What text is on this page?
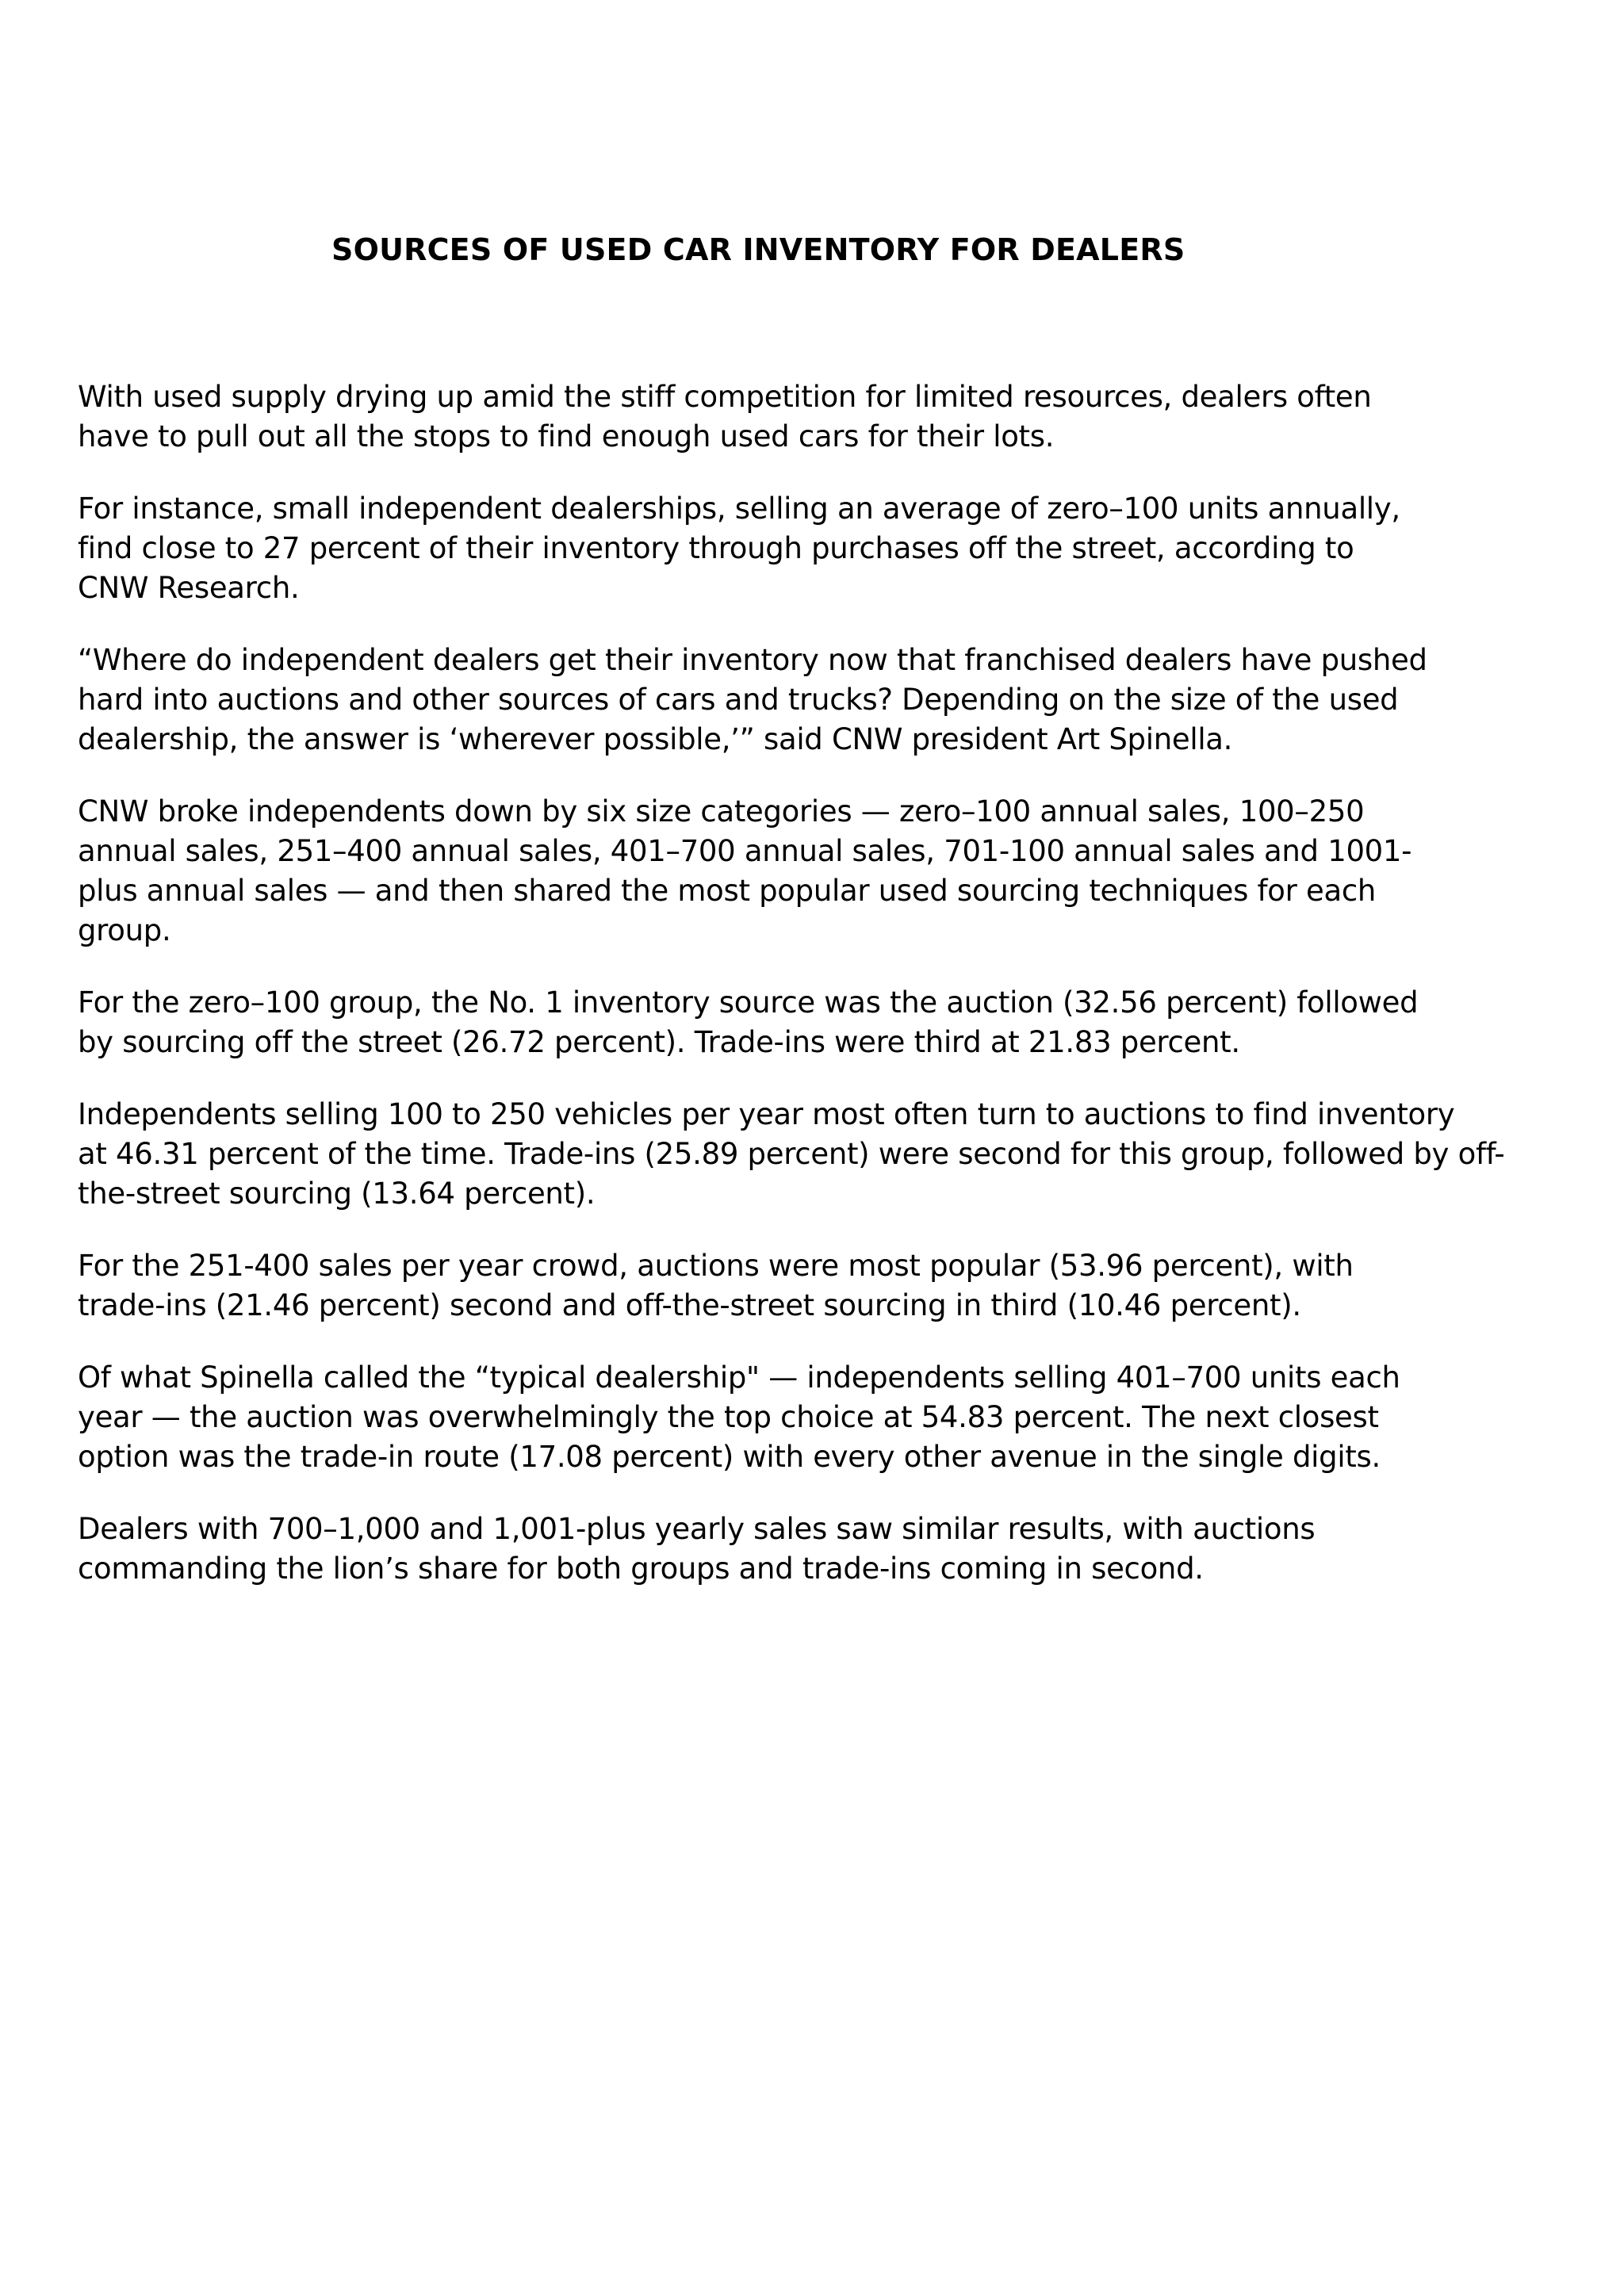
SOURCES OF USED CAR INVENTORY FOR DEALERS

With used supply drying up amid the stiff competition for limited resources, dealers often
have to pull out all the stops to find enough used cars for their lots.

For instance, small independent dealerships, selling an average of zero–100 units annually,
find close to 27 percent of their inventory through purchases off the street, according to
CNW Research.

“Where do independent dealers get their inventory now that franchised dealers have pushed
hard into auctions and other sources of cars and trucks? Depending on the size of the used
dealership, the answer is ‘wherever possible,’” said CNW president Art Spinella.

CNW broke independents down by six size categories — zero–100 annual sales, 100–250
annual sales, 251–400 annual sales, 401–700 annual sales, 701-100 annual sales and 1001-
plus annual sales — and then shared the most popular used sourcing techniques for each
group.

For the zero–100 group, the No. 1 inventory source was the auction (32.56 percent) followed
by sourcing off the street (26.72 percent). Trade-ins were third at 21.83 percent.

Independents selling 100 to 250 vehicles per year most often turn to auctions to find inventory
at 46.31 percent of the time. Trade-ins (25.89 percent) were second for this group, followed by off-
the-street sourcing (13.64 percent).

For the 251-400 sales per year crowd, auctions were most popular (53.96 percent), with
trade-ins (21.46 percent) second and off-the-street sourcing in third (10.46 percent).

Of what Spinella called the “typical dealership" — independents selling 401–700 units each
year — the auction was overwhelmingly the top choice at 54.83 percent. The next closest
option was the trade-in route (17.08 percent) with every other avenue in the single digits.

Dealers with 700–1,000 and 1,001-plus yearly sales saw similar results, with auctions
commanding the lion’s share for both groups and trade-ins coming in second.
